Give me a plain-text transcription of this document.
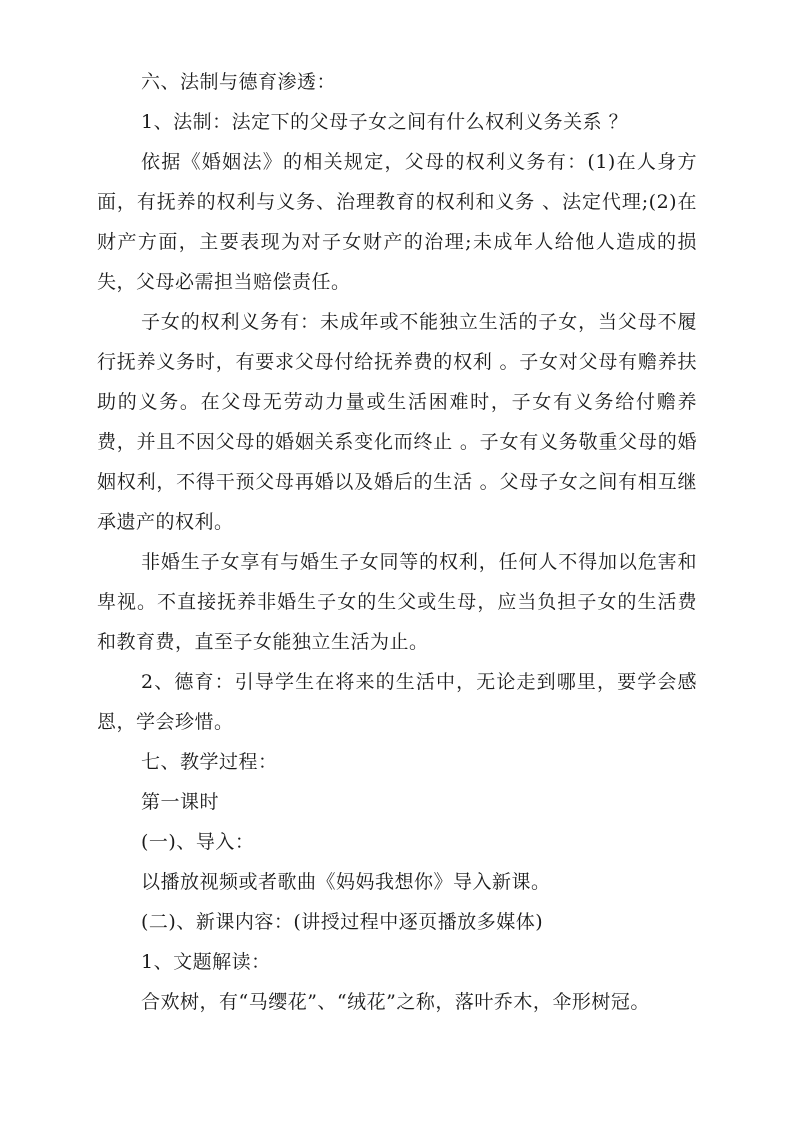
六、法制与德育渗透：

1、法制：法定下的父母子女之间有什么权利义务关系 ？

依据《婚姻法》的相关规定，父母的权利义务有：(1)在人身方面，有抚养的权利与义务、治理教育的权利和义务 、法定代理;(2)在财产方面，主要表现为对子女财产的治理;未成年人给他人造成的损失，父母必需担当赔偿责任。

子女的权利义务有：未成年或不能独立生活的子女，当父母不履行抚养义务时，有要求父母付给抚养费的权利 。子女对父母有赡养扶助的义务。在父母无劳动力量或生活困难时，子女有义务给付赡养费，并且不因父母的婚姻关系变化而终止 。子女有义务敬重父母的婚姻权利，不得干预父母再婚以及婚后的生活 。父母子女之间有相互继承遗产的权利。

非婚生子女享有与婚生子女同等的权利，任何人不得加以危害和卑视。不直接抚养非婚生子女的生父或生母，应当负担子女的生活费和教育费，直至子女能独立生活为止。

2、德育：引导学生在将来的生活中，无论走到哪里，要学会感恩，学会珍惜。

七、教学过程：

第一课时

(一)、导入：

以播放视频或者歌曲《妈妈我想你》导入新课。

(二)、新课内容：(讲授过程中逐页播放多媒体)

1、文题解读：

合欢树，有“马缨花”、“绒花”之称，落叶乔木，伞形树冠。
